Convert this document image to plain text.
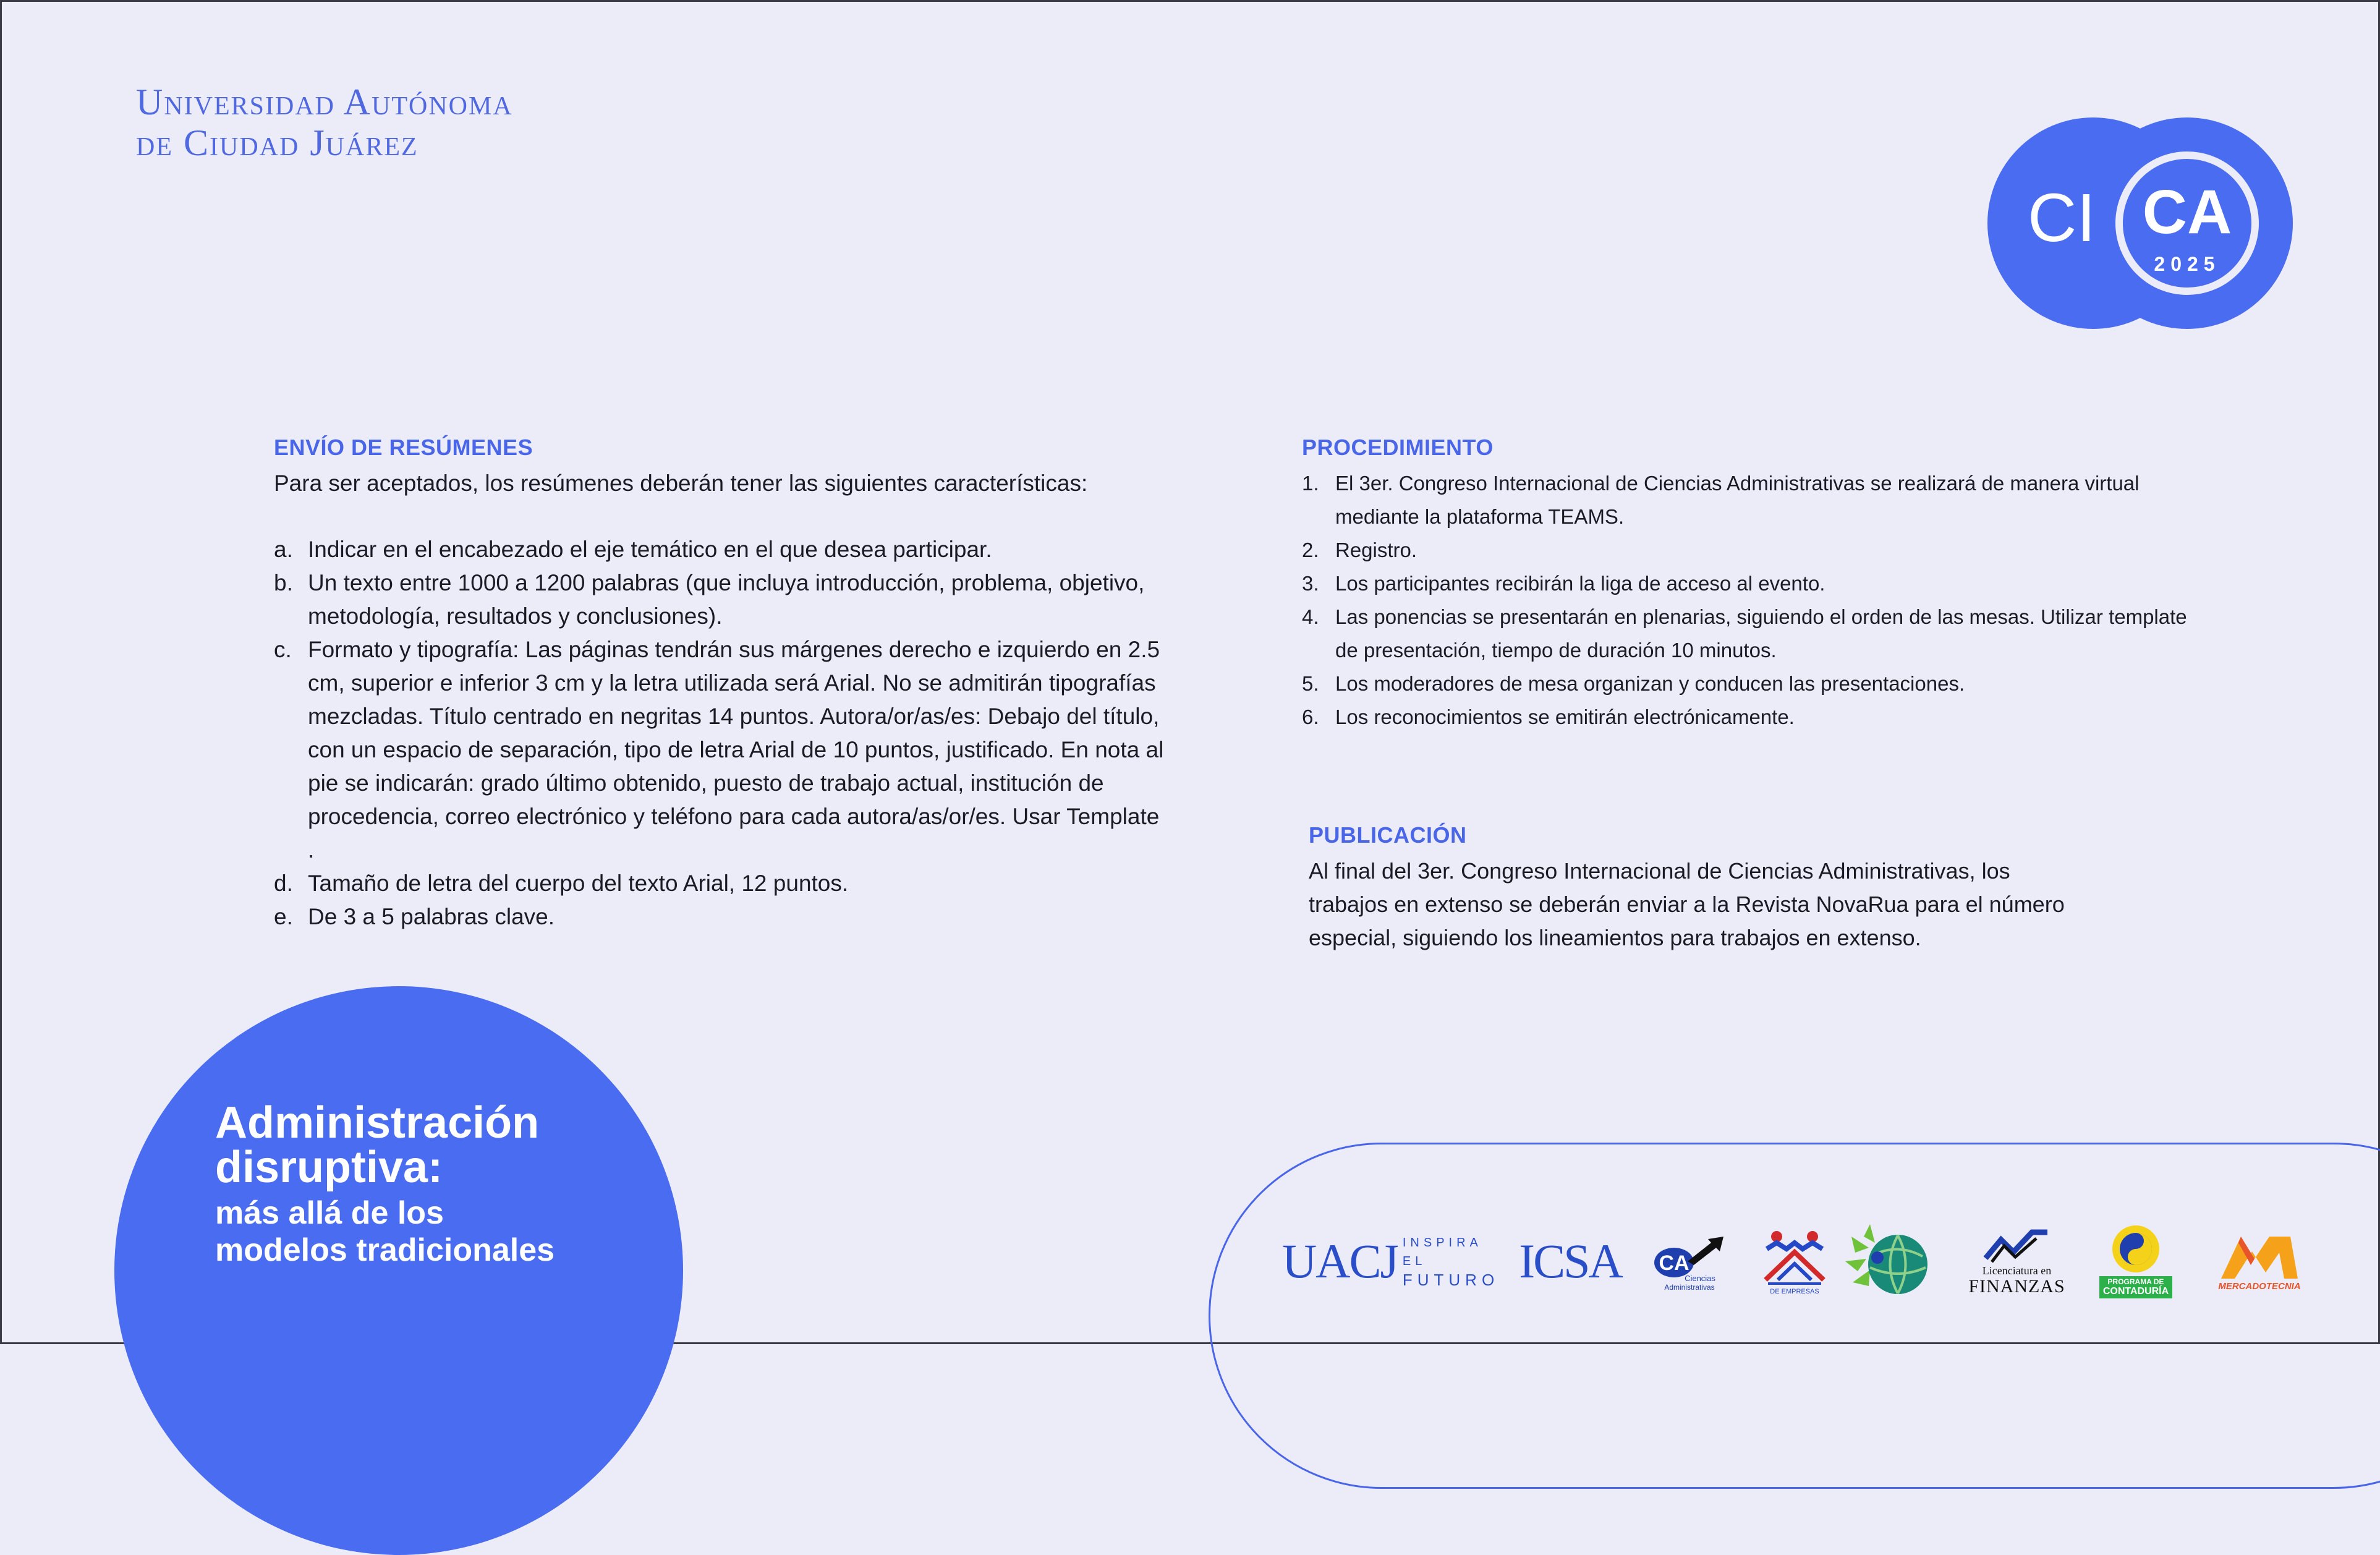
Universidad Autónoma
de Ciudad Juárez
CI CA
2025
ENVÍO DE RESÚMENES
Para ser aceptados, los resúmenes deberán tener las siguientes características:
a. Indicar en el encabezado el eje temático en el que desea participar.
b. Un texto entre 1000 a 1200 palabras (que incluya introducción, problema, objetivo, metodología, resultados y conclusiones).
c. Formato y tipografía: Las páginas tendrán sus márgenes derecho e izquierdo en 2.5 cm, superior e inferior 3 cm y la letra utilizada será Arial. No se admitirán tipografías mezcladas. Título centrado en negritas 14 puntos. Autora/or/as/es: Debajo del título, con un espacio de separación, tipo de letra Arial de 10 puntos, justificado. En nota al pie se indicarán: grado último obtenido, puesto de trabajo actual, institución de procedencia, correo electrónico y teléfono para cada autora/as/or/es. Usar Template .
d. Tamaño de letra del cuerpo del texto Arial, 12 puntos.
e. De 3 a 5 palabras clave.
PROCEDIMIENTO
1. El 3er. Congreso Internacional de Ciencias Administrativas se realizará de manera virtual mediante la plataforma TEAMS.
2. Registro.
3. Los participantes recibirán la liga de acceso al evento.
4. Las ponencias se presentarán en plenarias, siguiendo el orden de las mesas. Utilizar template de presentación, tiempo de duración 10 minutos.
5. Los moderadores de mesa organizan y conducen las presentaciones.
6. Los reconocimientos se emitirán electrónicamente.
PUBLICACIÓN
Al final del 3er. Congreso Internacional de Ciencias Administrativas, los trabajos en extenso se deberán enviar a la Revista NovaRua para el número especial, siguiendo los lineamientos para trabajos en extenso.
Administración
disruptiva:
más allá de los
modelos tradicionales	UACJ INSPIRA EL
FUTURO ICSA CA
Ciencias
Administrativas	DE EMPRESAS
Licenciatura en
FINANZAS	PROGRAMA DE
CONTADURÍA	MERCADOTECNIA
